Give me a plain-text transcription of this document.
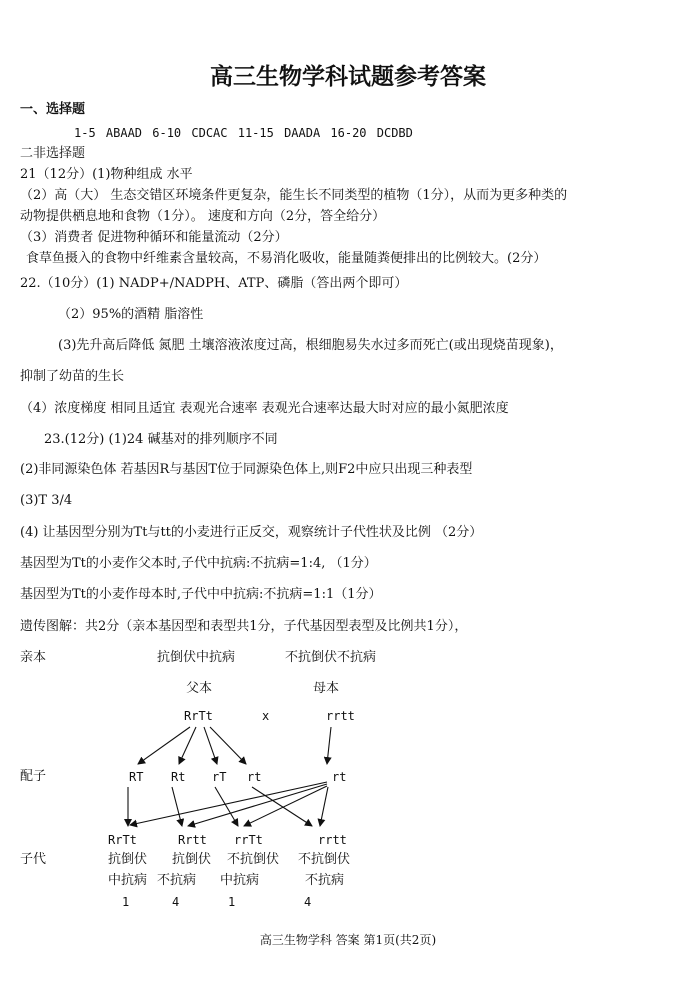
高三生物学科试题参考答案
一、选择题
1-5 ABAAD 6-10 CDCAC 11-15 DAADA 16-20 DCDBD
二非选择题
21（12分）(1)物种组成 水平
（2）高（大） 生态交错区环境条件更复杂，能生长不同类型的植物（1分），从而为更多种类的
动物提供栖息地和食物（1分）。 速度和方向（2分，答全给分）
（3）消费者 促进物种循环和能量流动（2分）
食草鱼摄入的食物中纤维素含量较高，不易消化吸收，能量随粪便排出的比例较大。(2分）
22.（10分）(1) NADP+/NADPH、ATP、磷脂（答出两个即可）
（2）95%的酒精 脂溶性
(3)先升高后降低 氮肥 土壤溶液浓度过高，根细胞易失水过多而死亡(或出现烧苗现象)，
抑制了幼苗的生长
（4）浓度梯度 相同且适宜 表观光合速率 表观光合速率达最大时对应的最小氮肥浓度
23.(12分) (1)24 碱基对的排列顺序不同
(2)非同源染色体 若基因R与基因T位于同源染色体上,则F2中应只出现三种表型
(3)T 3/4
(4) 让基因型分别为Tt与tt的小麦进行正反交，观察统计子代性状及比例 （2分）
基因型为Tt的小麦作父本时,子代中抗病:不抗病=1:4, （1分）
基因型为Tt的小麦作母本时,子代中中抗病:不抗病=1:1（1分）
遗传图解：共2分（亲本基因型和表型共1分，子代基因型表型及比例共1分），
亲本	抗倒伏中抗病	不抗倒伏不抗病
父本	母本
RrTt	x	rrtt
配子	RT Rt rT rt	rt
RrTt	Rrtt rrTt	rrtt
子代	抗倒伏 抗倒伏 不抗倒伏 不抗倒伏
中抗病 不抗病 中抗病	不抗病
1	4	1	4
高三生物学科 答案 第1页(共2页)
